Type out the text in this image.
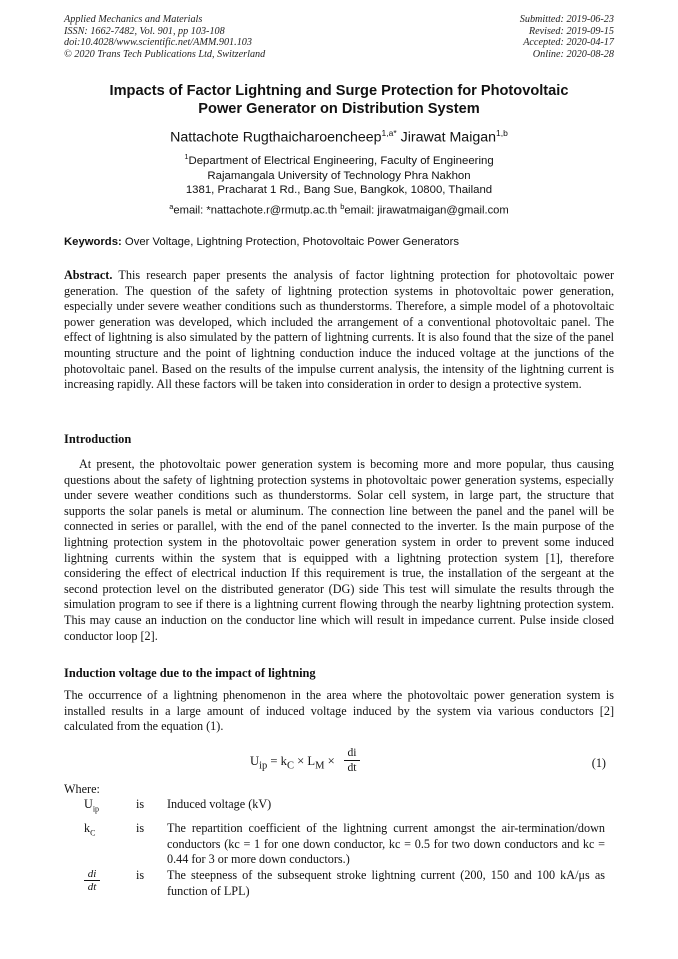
Applied Mechanics and Materials
ISSN: 1662-7482, Vol. 901, pp 103-108
doi:10.4028/www.scientific.net/AMM.901.103
© 2020 Trans Tech Publications Ltd, Switzerland
Submitted: 2019-06-23
Revised: 2019-09-15
Accepted: 2020-04-17
Online: 2020-08-28
Impacts of Factor Lightning and Surge Protection for Photovoltaic
Power Generator on Distribution System
Nattachote Rugthaicharoencheep$^{1,a*}$ Jirawat Maigan$^{1,b}$
$^1$Department of Electrical Engineering, Faculty of Engineering
Rajamangala University of Technology Phra Nakhon
1381, Pracharat 1 Rd., Bang Sue, Bangkok, 10800, Thailand
$^a$email: *nattachote.r@rmutp.ac.th $^b$email: jirawatmaigan@gmail.com
Keywords: Over Voltage, Lightning Protection, Photovoltaic Power Generators
Abstract. This research paper presents the analysis of factor lightning protection for photovoltaic power generation. The question of the safety of lightning protection systems in photovoltaic power generation, especially under severe weather conditions such as thunderstorms. Therefore, a simple model of a photovoltaic power generation was developed, which included the arrangement of a conventional photovoltaic panel. The effect of lightning is also simulated by the pattern of lightning currents. It is also found that the size of the panel mounting structure and the point of lightning conduction induce the induced voltage at the junctions of the photovoltaic panel. Based on the results of the impulse current analysis, the intensity of the lightning current is increasing rapidly. All these factors will be taken into consideration in order to design a protective system.
Introduction
At present, the photovoltaic power generation system is becoming more and more popular, thus causing questions about the safety of lightning protection systems in photovoltaic power generation systems, especially under severe weather conditions such as thunderstorms. Solar cell system, in large part, the structure that supports the solar panels is metal or aluminum. The connection line between the panel and the panel will be connected in series or parallel, with the end of the panel connected to the inverter. Is the main purpose of the lightning protection system in the photovoltaic power generation system in order to prevent some induced lightning currents within the system that is equipped with a lightning protection system [1], therefore considering the effect of electrical induction If this requirement is true, the installation of the sergeant at the second protection level on the distributed generator (DG) side This test will simulate the results through the simulation program to see if there is a lightning current flowing through the nearby lightning protection system. This may cause an induction on the conductor line which will result in impedance current. Pulse inside closed conductor loop [2].
Induction voltage due to the impact of lightning
The occurrence of a lightning phenomenon in the area where the photovoltaic power generation system is installed results in a large amount of induced voltage induced by the system via various conductors [2] calculated from the equation (1).
$U_{ip} = k_C \times L_M$ ×
di
dt	(1)
Where:
$U_{ip}$	is Induced voltage (kV)
$k_C$	is The repartition coefficient of the lightning current amongst the air-termination/down conductors (kc = 1 for one down conductor, kc = 0.5 for two down conductors and kc = 0.44 for 3 or more down conductors.)
$\frac{di}{dt}$	is The steepness of the subsequent stroke lightning current (200, 150 and 100 kA/μs as function of LPL)
